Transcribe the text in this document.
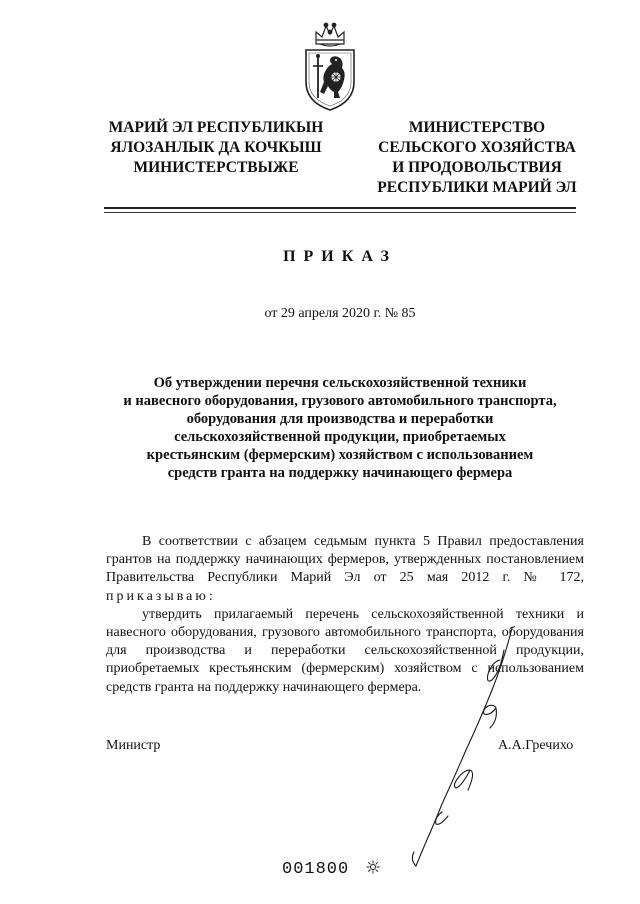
МАРИЙ ЭЛ РЕСПУБЛИКЫН
ЯЛОЗАНЛЫК ДА КОЧКЫШ
МИНИСТЕРСТВЫЖЕ
МИНИСТЕРСТВО
СЕЛЬСКОГО ХОЗЯЙСТВА
И ПРОДОВОЛЬСТВИЯ
РЕСПУБЛИКИ МАРИЙ ЭЛ
ПРИКАЗ
от 29 апреля 2020 г. № 85
Об утверждении перечня сельскохозяйственной техники
и навесного оборудования, грузового автомобильного транспорта,
оборудования для производства и переработки
сельскохозяйственной продукции, приобретаемых
крестьянским (фермерским) хозяйством с использованием
средств гранта на поддержку начинающего фермера

В соответствии с абзацем седьмым пункта 5 Правил предоставления грантов на поддержку начинающих фермеров, утвержденных постановлением Правительства Республики Марий Эл от 25 мая 2012 г. № 172, приказываю:

утвердить прилагаемый перечень сельскохозяйственной техники и навесного оборудования, грузового автомобильного транспорта, оборудования для производства и переработки сельскохозяйственной продукции, приобретаемых крестьянским (фермерским) хозяйством с использованием средств гранта на поддержку начинающего фермера.

Министр	А.А.Гречихо
001800
